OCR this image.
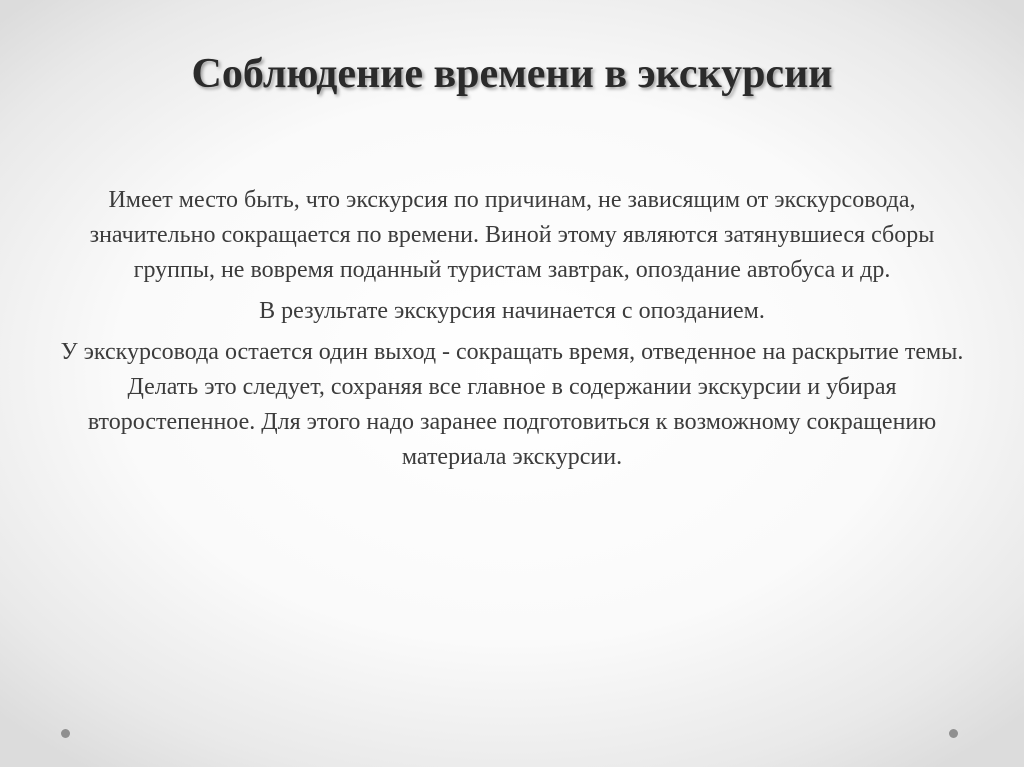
Соблюдение времени в экскурсии

Имеет место быть, что экскурсия по причинам, не зависящим от экскурсовода, значительно сокращается по времени. Виной этому являются затянувшиеся сборы группы, не вовремя поданный туристам завтрак, опоздание автобуса и др.

В результате экскурсия начинается с опозданием.

У экскурсовода остается один выход - сокращать время, отведенное на раскрытие темы. Делать это следует, сохраняя все главное в содержании экскурсии и убирая второстепенное. Для этого надо заранее подготовиться к возможному сокращению материала экскурсии.
